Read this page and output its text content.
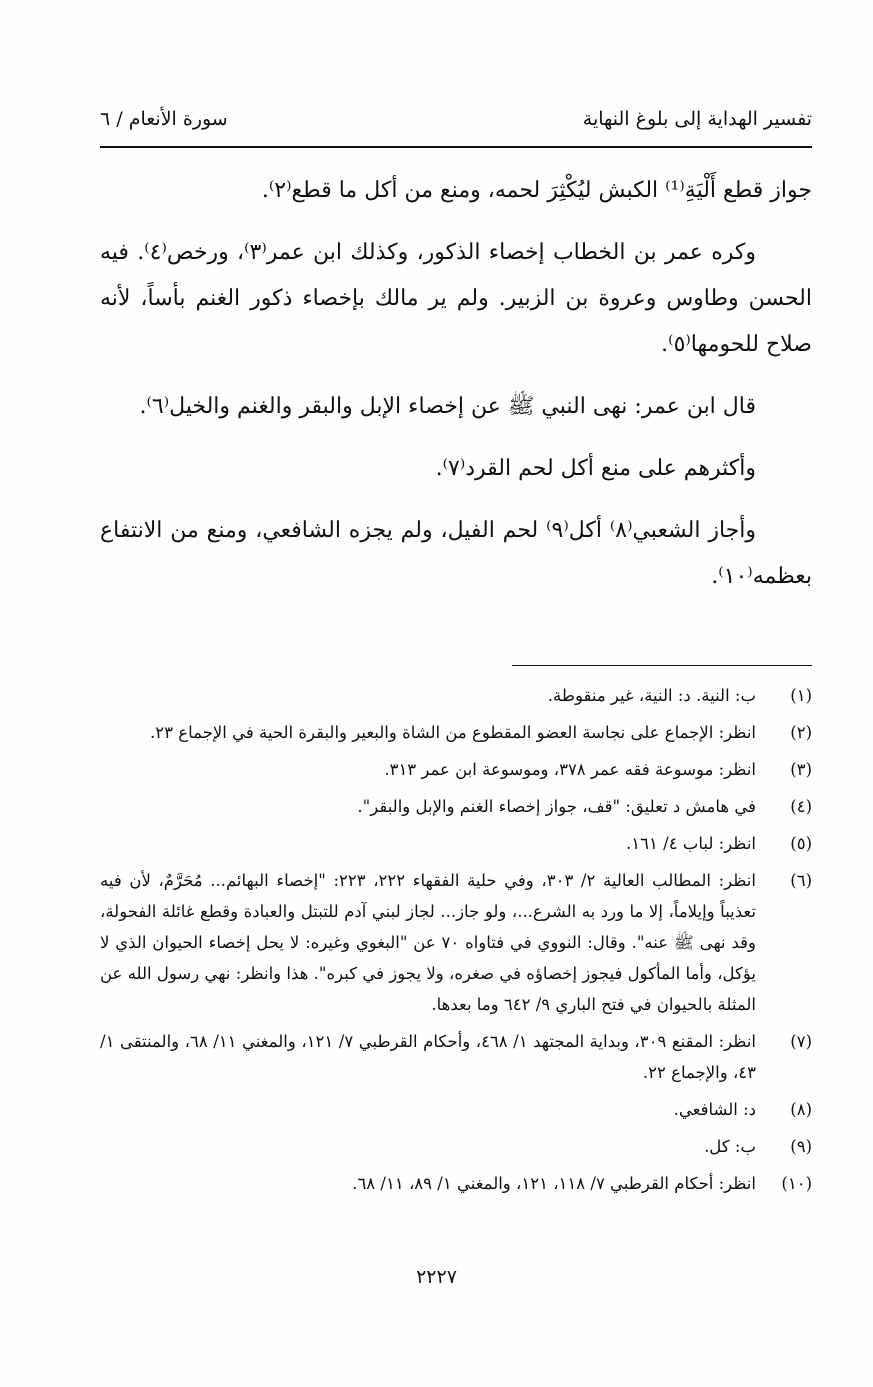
تفسير الهداية إلى بلوغ النهاية
سورة الأنعام / ٦

جواز قطع أَلْيَةِ⁽¹⁾ الكبش ليُكْثِرَ لحمه، ومنع من أكل ما قطع⁽٢⁾.

وكره عمر بن الخطاب إخصاء الذكور، وكذلك ابن عمر⁽٣⁾، ورخص⁽٤⁾. فيه الحسن وطاوس وعروة بن الزبير. ولم ير مالك بإخصاء ذكور الغنم بأساً، لأنه صلاح للحومها⁽٥⁾.

قال ابن عمر: نهى النبي ﷺ عن إخصاء الإبل والبقر والغنم والخيل⁽٦⁾.

وأكثرهم على منع أكل لحم القرد⁽٧⁾.

وأجاز الشعبي⁽٨⁾ أكل⁽٩⁾ لحم الفيل، ولم يجزه الشافعي، ومنع من الانتفاع بعظمه⁽١٠⁾.

(١)
ب: النية. د: النية، غير منقوطة.
(٢)
انظر: الإجماع على نجاسة العضو المقطوع من الشاة والبعير والبقرة الحية في الإجماع ٢٣.
(٣)
انظر: موسوعة فقه عمر ٣٧٨، وموسوعة ابن عمر ٣١٣.
(٤)
في هامش د تعليق: "قف، جواز إخصاء الغنم والإبل والبقر".
(٥)
انظر: لباب ٤/ ١٦١.
(٦)
انظر: المطالب العالية ٢/ ٣٠٣، وفي حلية الفقهاء ٢٢٢، ٢٢٣: "إخصاء البهائم... مُحَرَّمٌ، لأن فيه تعذيباً وإيلاماً، إلا ما ورد به الشرع...، ولو جاز... لجاز لبني آدم للتبتل والعبادة وقطع غائلة الفحولة، وقد نهى ﷺ عنه". وقال: النووي في فتاواه ٧٠ عن "البغوي وغيره: لا يحل إخصاء الحيوان الذي لا يؤكل، وأما المأكول فيجوز إخصاؤه في صغره، ولا يجوز في كبره". هذا وانظر: نهي رسول الله عن المثلة بالحيوان في فتح الباري ٩/ ٦٤٢ وما بعدها.
(٧)
انظر: المقنع ٣٠٩، وبداية المجتهد ١/ ٤٦٨، وأحكام القرطبي ٧/ ١٢١، والمغني ١١/ ٦٨، والمنتقى ١/ ٤٣، والإجماع ٢٢.
(٨)
د: الشافعي.
(٩)
ب: كل.
(١٠)
انظر: أحكام القرطبي ٧/ ١١٨، ١٢١، والمغني ١/ ٨٩، ١١/ ٦٨.
٢٢٢٧
